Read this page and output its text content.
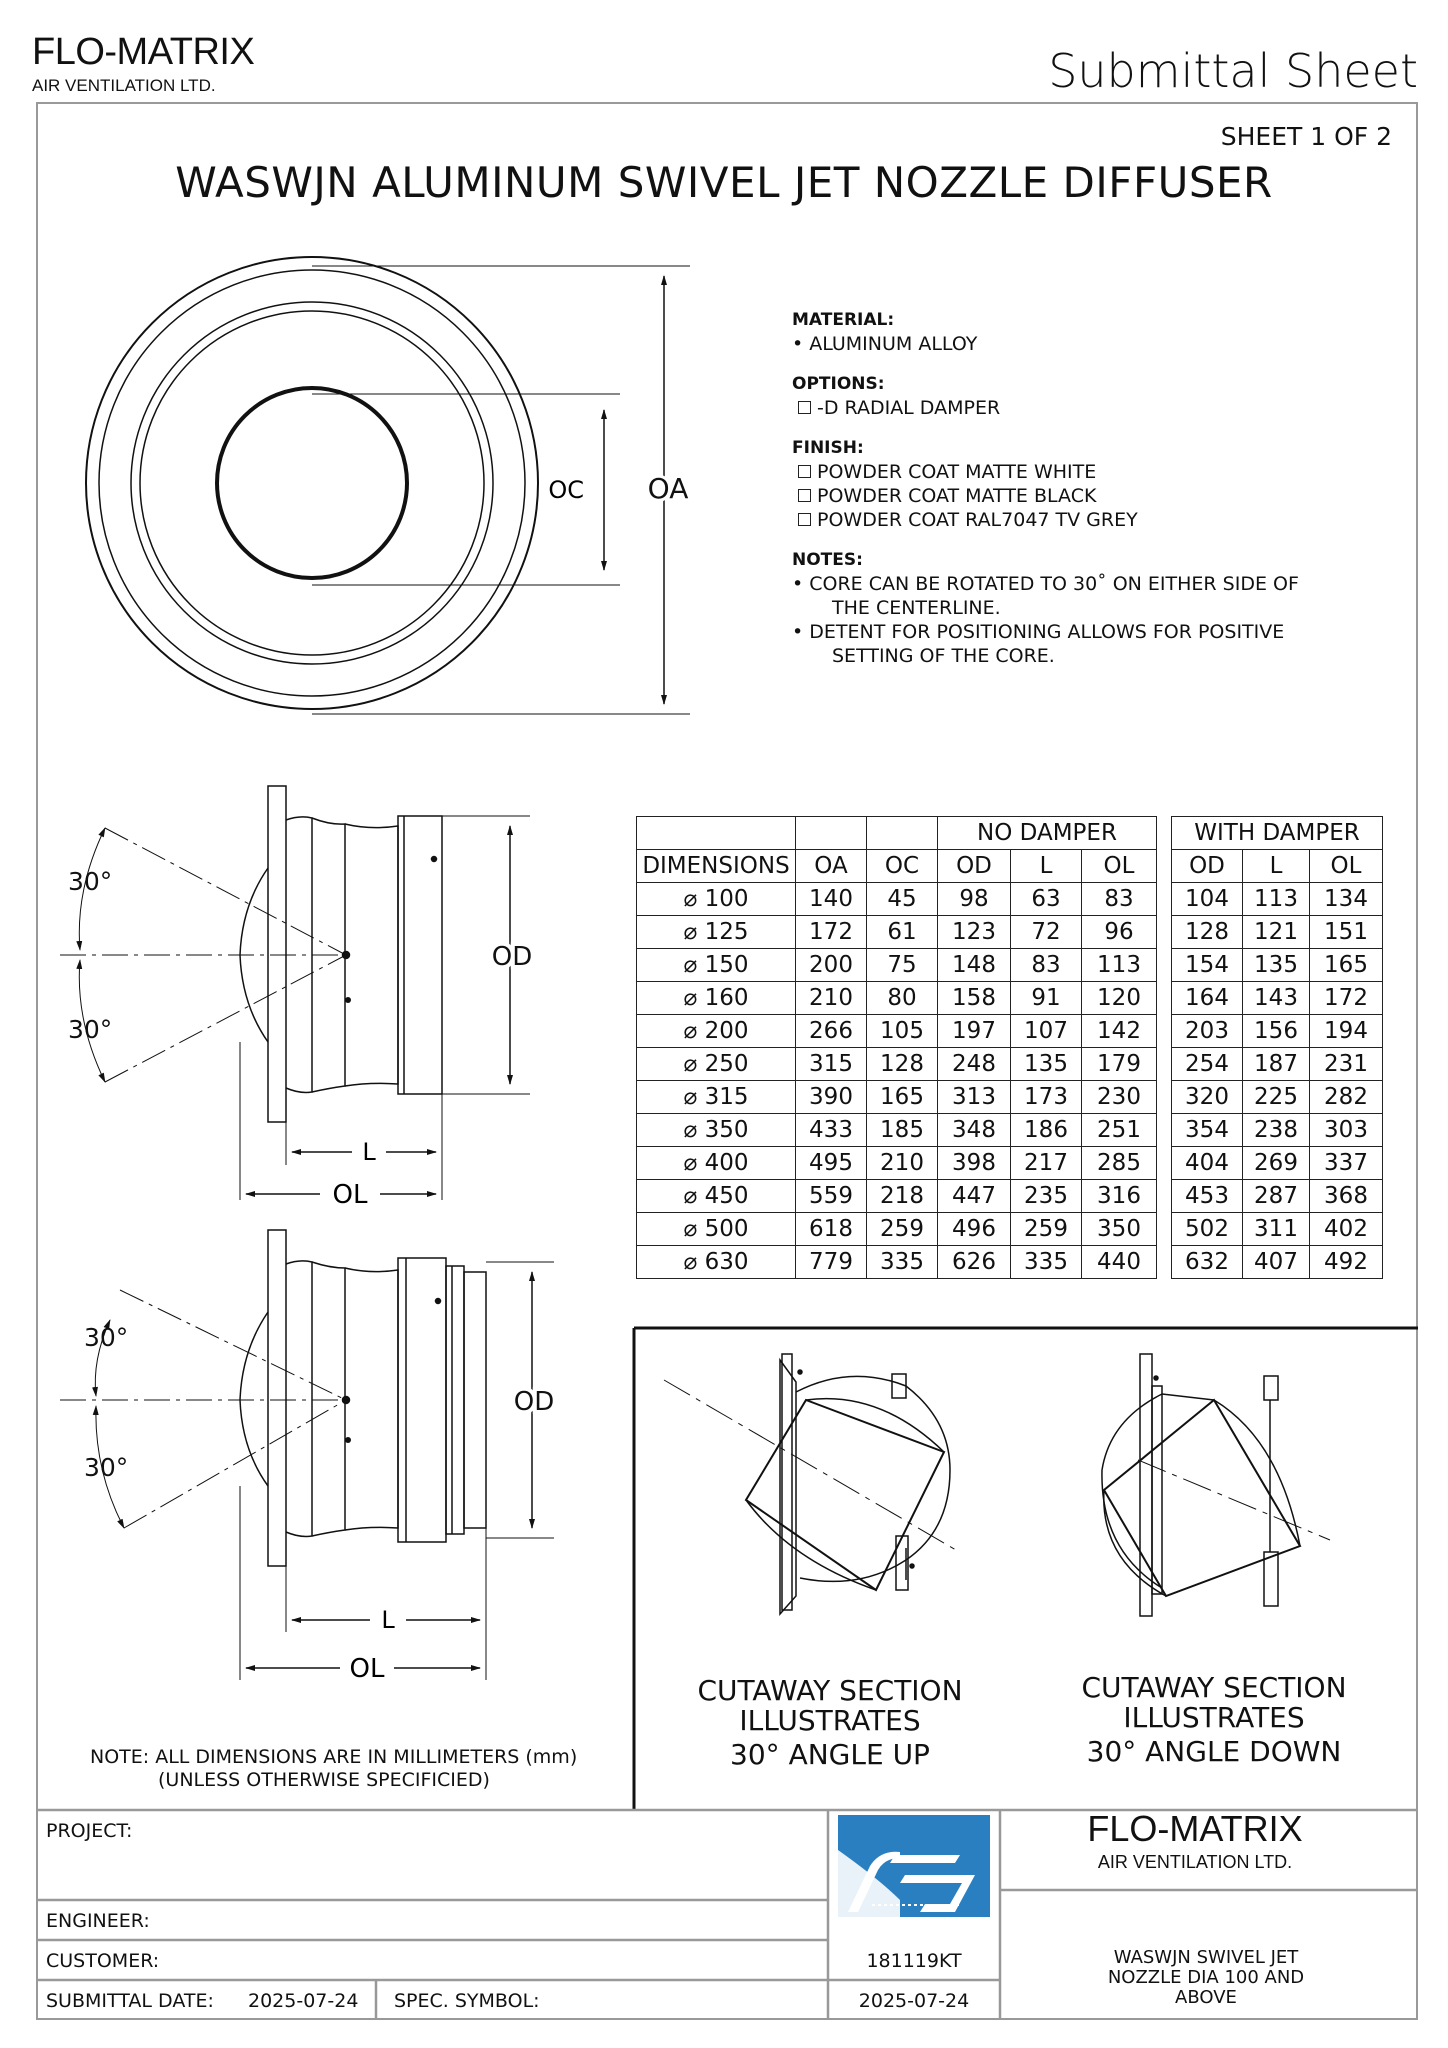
FLO-MATRIX
AIR VENTILATION LTD.	Submittal Sheet
SHEET 1 OF 2
WASWJN ALUMINUM SWIVEL JET NOZZLE DIFFUSER
OC OA
30°
30°
OD
L
OL
30°
30°
OD
L
OL
MATERIAL:
• ALUMINUM ALLOY
OPTIONS:
-D RADIAL DAMPER
FINISH:
POWDER COAT MATTE WHITE
POWDER COAT MATTE BLACK
POWDER COAT RAL7047 TV GREY
NOTES:
• CORE CAN BE ROTATED TO 30˚ ON EITHER SIDE OF
THE CENTERLINE.
• DETENT FOR POSITIONING ALLOWS FOR POSITIVE
SETTING OF THE CORE.
			NO DAMPER				WITH DAMPER		
DIMENSIONS	OA	OC	OD	L	OL		OD	L	OL
⌀ 100	140	45	98	63	83		104	113	134
⌀ 125	172	61	123	72	96		128	121	151
⌀ 150	200	75	148	83	113		154	135	165
⌀ 160	210	80	158	91	120		164	143	172
⌀ 200	266	105	197	107	142		203	156	194
⌀ 250	315	128	248	135	179		254	187	231
⌀ 315	390	165	313	173	230		320	225	282
⌀ 350	433	185	348	186	251		354	238	303
⌀ 400	495	210	398	217	285		404	269	337
⌀ 450	559	218	447	235	316		453	287	368
⌀ 500	618	259	496	259	350		502	311	402
⌀ 630	779	335	626	335	440		632	407	492
CUTAWAY SECTION
ILLUSTRATES
30° ANGLE UP
CUTAWAY SECTION
ILLUSTRATES
30° ANGLE DOWN
NOTE: ALL DIMENSIONS ARE IN MILLIMETERS (mm)
(UNLESS OTHERWISE SPECIFICIED)
PROJECT:
ENGINEER:
CUSTOMER:
SUBMITTAL DATE: 2025-07-24 SPEC. SYMBOL:
181119KT
2025-07-24
FLO-MATRIX
AIR VENTILATION LTD.
WASWJN SWIVEL JET
NOZZLE DIA 100 AND
ABOVE
